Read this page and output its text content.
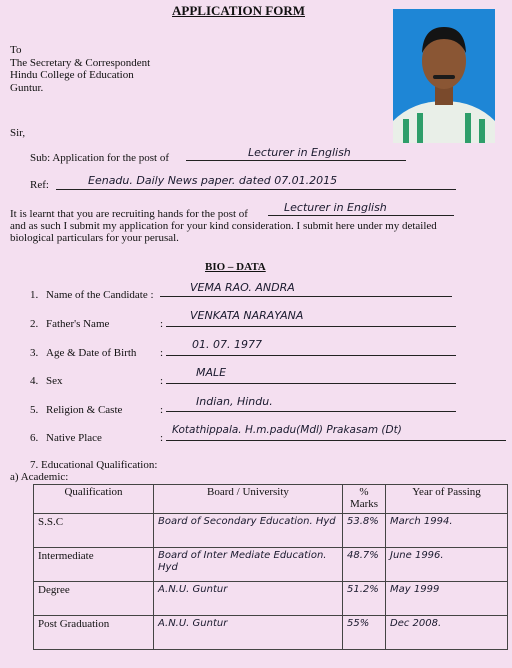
APPLICATION FORM
To
The Secretary & Correspondent
Hindu College of Education
Guntur.
Sir,
Sub: Application for the post of	Lecturer in English
Ref:	Eenadu. Daily News paper. dated 07.01.2015
It is learnt that you are recruiting hands for the post of	Lecturer in English
and as such I submit my application for your kind consideration. I submit here under my detailed
biological particulars for your perusal.
BIO – DATA
1. Name of the Candidate :
VEMA RAO. ANDRA
2. Father's Name	:
VENKATA NARAYANA
3. Age & Date of Birth :
01. 07. 1977
4. Sex	:
MALE
5. Religion & Caste	:
Indian, Hindu.
6. Native Place	:
Kotathippala. H.m.padu(Mdl) Prakasam (Dt)
7. Educational Qualification:
a) Academic:
Qualification	Board / University	% Marks	Year of Passing
S.S.C	Board of Secondary Education. Hyd	53.8%	March 1994.
Intermediate	Board of Inter Mediate Education. Hyd	48.7%	June 1996.
Degree	A.N.U. Guntur	51.2%	May 1999
Post Graduation	A.N.U. Guntur	55%	Dec 2008.
